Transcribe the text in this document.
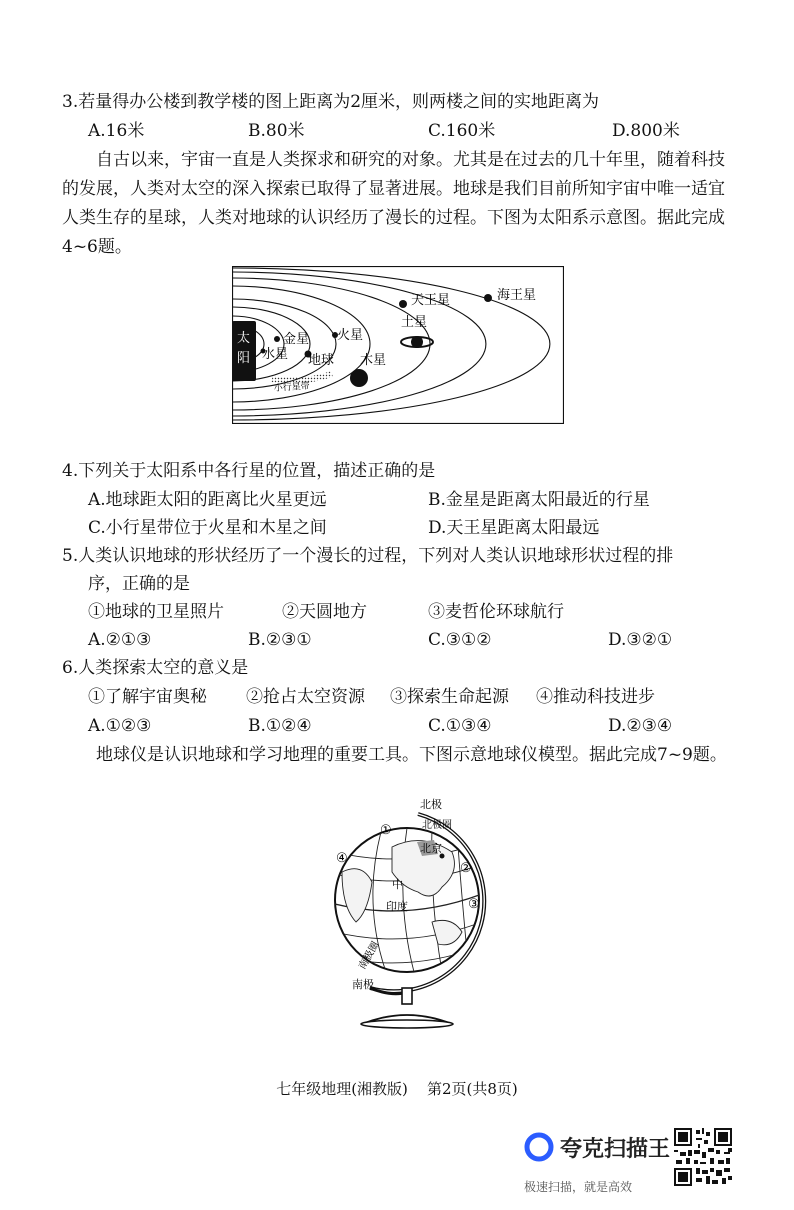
3.若量得办公楼到教学楼的图上距离为2厘米，则两楼之间的实地距离为
A.16米	B.80米	C.160米	D.800米
自古以来，宇宙一直是人类探求和研究的对象。尤其是在过去的几十年里，随着科技的发展，人类对太空的深入探索已取得了显著进展。地球是我们目前所知宇宙中唯一适宜人类生存的星球，人类对地球的认识经历了漫长的过程。下图为太阳系示意图。据此完成4~6题。
太
阳 水星
金星
地球
火星
木星
土星
天王星	海王星
小行星带
4.下列关于太阳系中各行星的位置，描述正确的是
A.地球距太阳的距离比火星更远	B.金星是距离太阳最近的行星
C.小行星带位于火星和木星之间	D.天王星距离太阳最远
5.人类认识地球的形状经历了一个漫长的过程，下列对人类认识地球形状过程的排
序，正确的是
①地球的卫星照片	②天圆地方	③麦哲伦环球航行
A.②①③	B.②③①	C.③①②	D.③②①
6.人类探索太空的意义是
①了解宇宙奥秘 ②抢占太空资源 ③探索生命起源 ④推动科技进步
A.①②③	B.①②④	C.①③④	D.②③④
地球仪是认识地球和学习地理的重要工具。下图示意地球仪模型。据此完成7~9题。
北京
北极
北极圈
中
印度
①
②
③
④
南极圈
南极
七年级地理(湘教版)    第2页(共8页)
夸克扫描王
极速扫描，就是高效
